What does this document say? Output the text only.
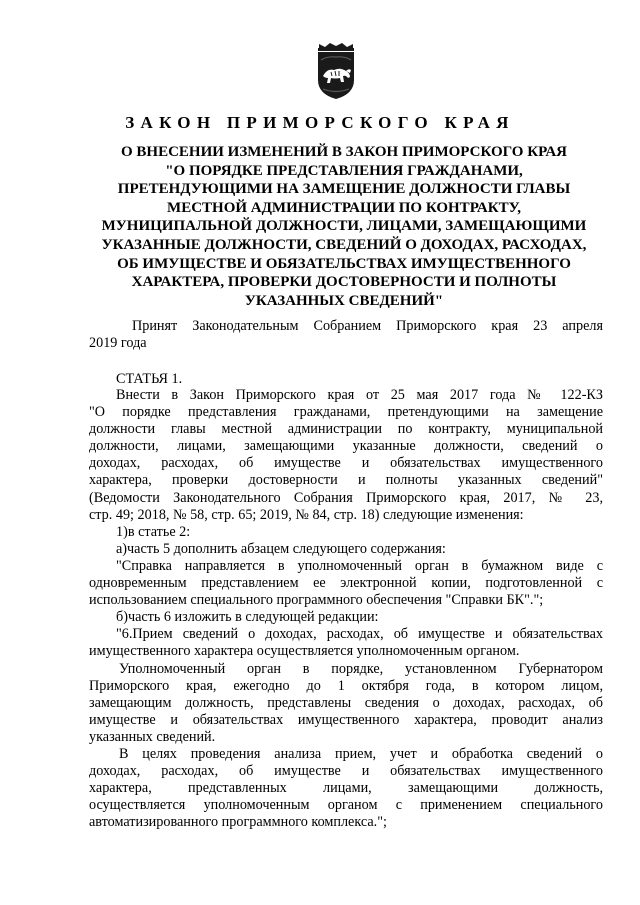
ЗАКОН ПРИМОРСКОГО КРАЯ
О ВНЕСЕНИИ ИЗМЕНЕНИЙ В ЗАКОН ПРИМОРСКОГО КРАЯ
"О ПОРЯДКЕ ПРЕДСТАВЛЕНИЯ ГРАЖДАНАМИ,
ПРЕТЕНДУЮЩИМИ НА ЗАМЕЩЕНИЕ ДОЛЖНОСТИ ГЛАВЫ
МЕСТНОЙ АДМИНИСТРАЦИИ ПО КОНТРАКТУ,
МУНИЦИПАЛЬНОЙ ДОЛЖНОСТИ, ЛИЦАМИ, ЗАМЕЩАЮЩИМИ
УКАЗАННЫЕ ДОЛЖНОСТИ, СВЕДЕНИЙ О ДОХОДАХ, РАСХОДАХ,
ОБ ИМУЩЕСТВЕ И ОБЯЗАТЕЛЬСТВАХ ИМУЩЕСТВЕННОГО
ХАРАКТЕРА, ПРОВЕРКИ ДОСТОВЕРНОСТИ И ПОЛНОТЫ
УКАЗАННЫХ СВЕДЕНИЙ"
Принят Законодательным Собранием Приморского края 23 апреля
2019 года
СТАТЬЯ 1.
Внести в Закон Приморского края от 25 мая 2017 года № 122-КЗ
"О порядке представления гражданами, претендующими на замещение
должности главы местной администрации по контракту, муниципальной
должности, лицами, замещающими указанные должности, сведений о
доходах, расходах, об имуществе и обязательствах имущественного
характера, проверки достоверности и полноты указанных сведений"
(Ведомости Законодательного Собрания Приморского края, 2017, № 23,
стр. 49; 2018, № 58, стр. 65; 2019, № 84, стр. 18) следующие изменения:
1)в статье 2:
а)часть 5 дополнить абзацем следующего содержания:
"Справка направляется в уполномоченный орган в бумажном виде с
одновременным представлением ее электронной копии, подготовленной с
использованием специального программного обеспечения "Справки БК".";
б)часть 6 изложить в следующей редакции:
"6.Прием сведений о доходах, расходах, об имуществе и обязательствах
имущественного характера осуществляется уполномоченным органом.
Уполномоченный орган в порядке, установленном Губернатором
Приморского края, ежегодно до 1 октября года, в котором лицом,
замещающим должность, представлены сведения о доходах, расходах, об
имуществе и обязательствах имущественного характера, проводит анализ
указанных сведений.
В целях проведения анализа прием, учет и обработка сведений о
доходах, расходах, об имуществе и обязательствах имущественного
характера, представленных лицами, замещающими должность,
осуществляется уполномоченным органом с применением специального
автоматизированного программного комплекса.";
